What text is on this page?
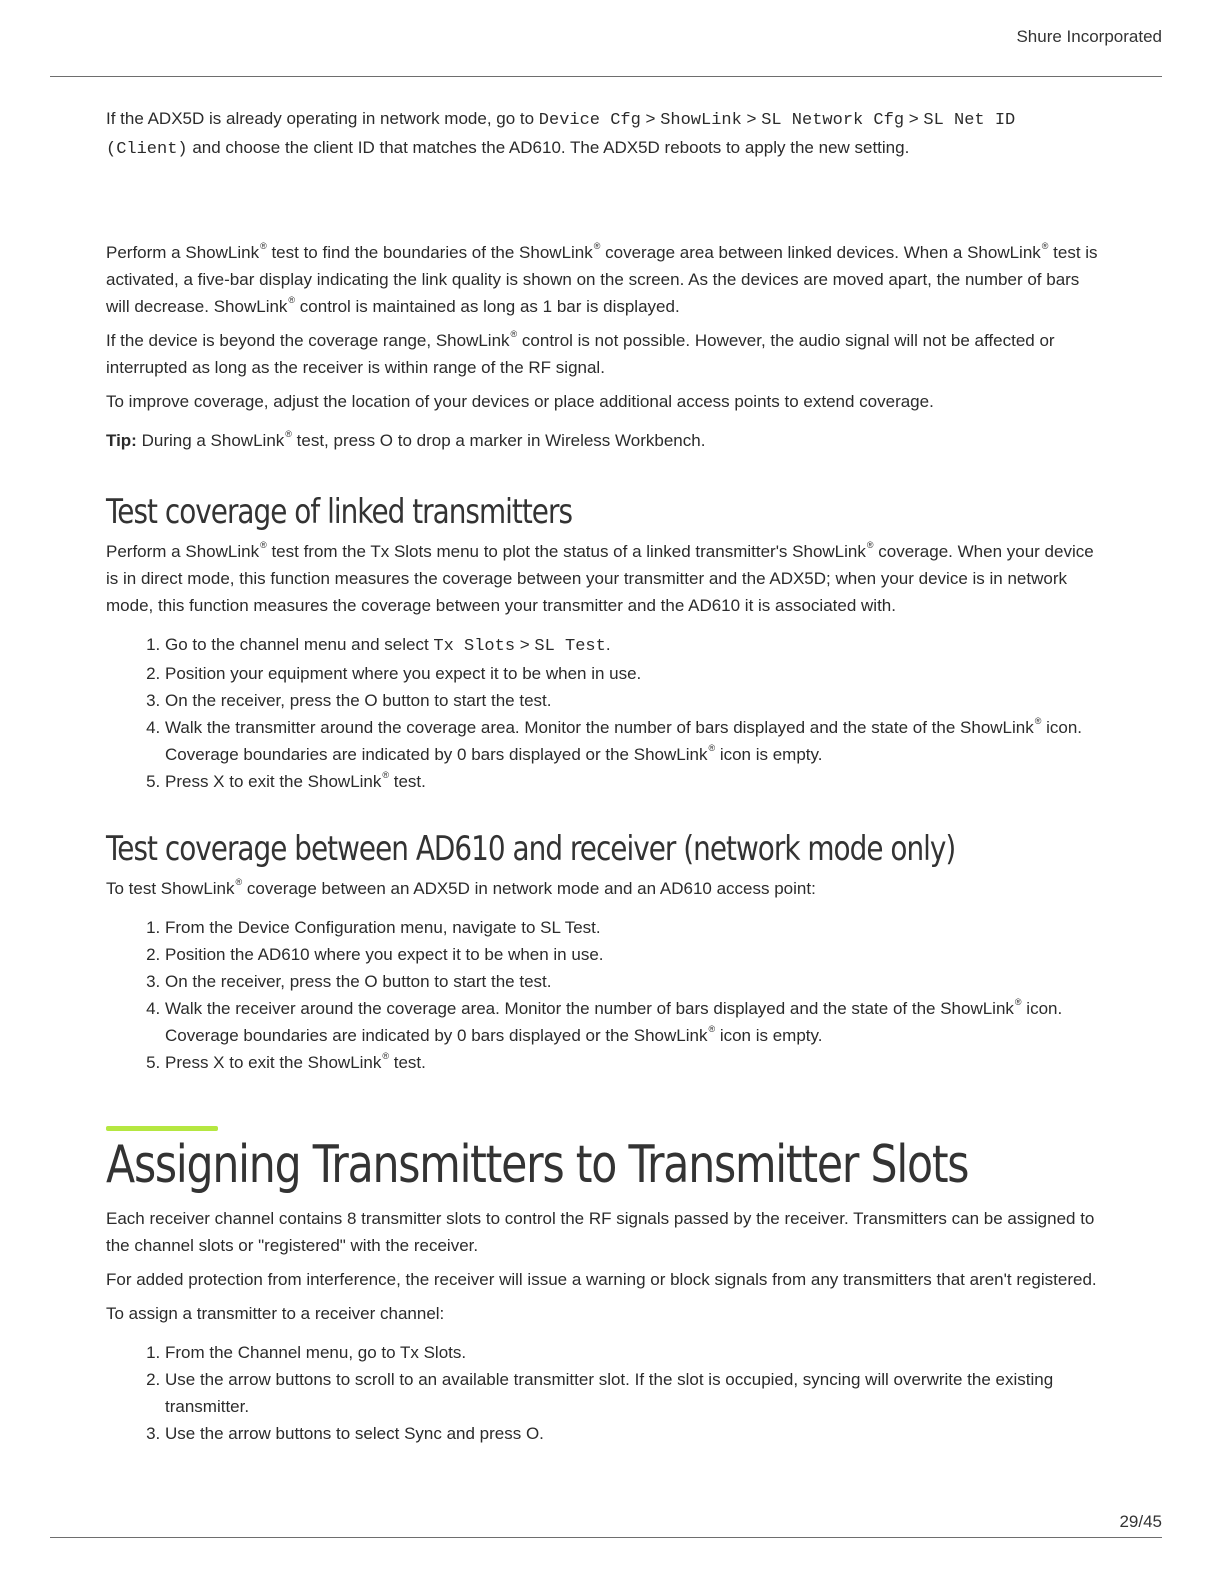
Shure Incorporated

If the ADX5D is already operating in network mode, go to Device Cfg > ShowLink > SL Network Cfg > SL Net ID (Client) and choose the client ID that matches the AD610. The ADX5D reboots to apply the new setting.

Perform a ShowLink® test to find the boundaries of the ShowLink® coverage area between linked devices. When a ShowLink® test is activated, a five-bar display indicating the link quality is shown on the screen. As the devices are moved apart, the number of bars will decrease. ShowLink® control is maintained as long as 1 bar is displayed.

If the device is beyond the coverage range, ShowLink® control is not possible. However, the audio signal will not be affected or interrupted as long as the receiver is within range of the RF signal.

To improve coverage, adjust the location of your devices or place additional access points to extend coverage.

Tip: During a ShowLink® test, press O to drop a marker in Wireless Workbench.

Test coverage of linked transmitters

Perform a ShowLink® test from the Tx Slots menu to plot the status of a linked transmitter's ShowLink® coverage. When your device is in direct mode, this function measures the coverage between your transmitter and the ADX5D; when your device is in network mode, this function measures the coverage between your transmitter and the AD610 it is associated with.

1. Go to the channel menu and select Tx Slots > SL Test.
2. Position your equipment where you expect it to be when in use.
3. On the receiver, press the O button to start the test.
4. Walk the transmitter around the coverage area. Monitor the number of bars displayed and the state of the ShowLink® icon. Coverage boundaries are indicated by 0 bars displayed or the ShowLink® icon is empty.
5. Press X to exit the ShowLink® test.
Test coverage between AD610 and receiver (network mode only)

To test ShowLink® coverage between an ADX5D in network mode and an AD610 access point:

1. From the Device Configuration menu, navigate to SL Test.
2. Position the AD610 where you expect it to be when in use.
3. On the receiver, press the O button to start the test.
4. Walk the receiver around the coverage area. Monitor the number of bars displayed and the state of the ShowLink® icon. Coverage boundaries are indicated by 0 bars displayed or the ShowLink® icon is empty.
5. Press X to exit the ShowLink® test.
Assigning Transmitters to Transmitter Slots

Each receiver channel contains 8 transmitter slots to control the RF signals passed by the receiver. Transmitters can be assigned to the channel slots or "registered" with the receiver.

For added protection from interference, the receiver will issue a warning or block signals from any transmitters that aren't registered.

To assign a transmitter to a receiver channel:

1. From the Channel menu, go to Tx Slots.
2. Use the arrow buttons to scroll to an available transmitter slot. If the slot is occupied, syncing will overwrite the existing transmitter.
3. Use the arrow buttons to select Sync and press O.
29/45
